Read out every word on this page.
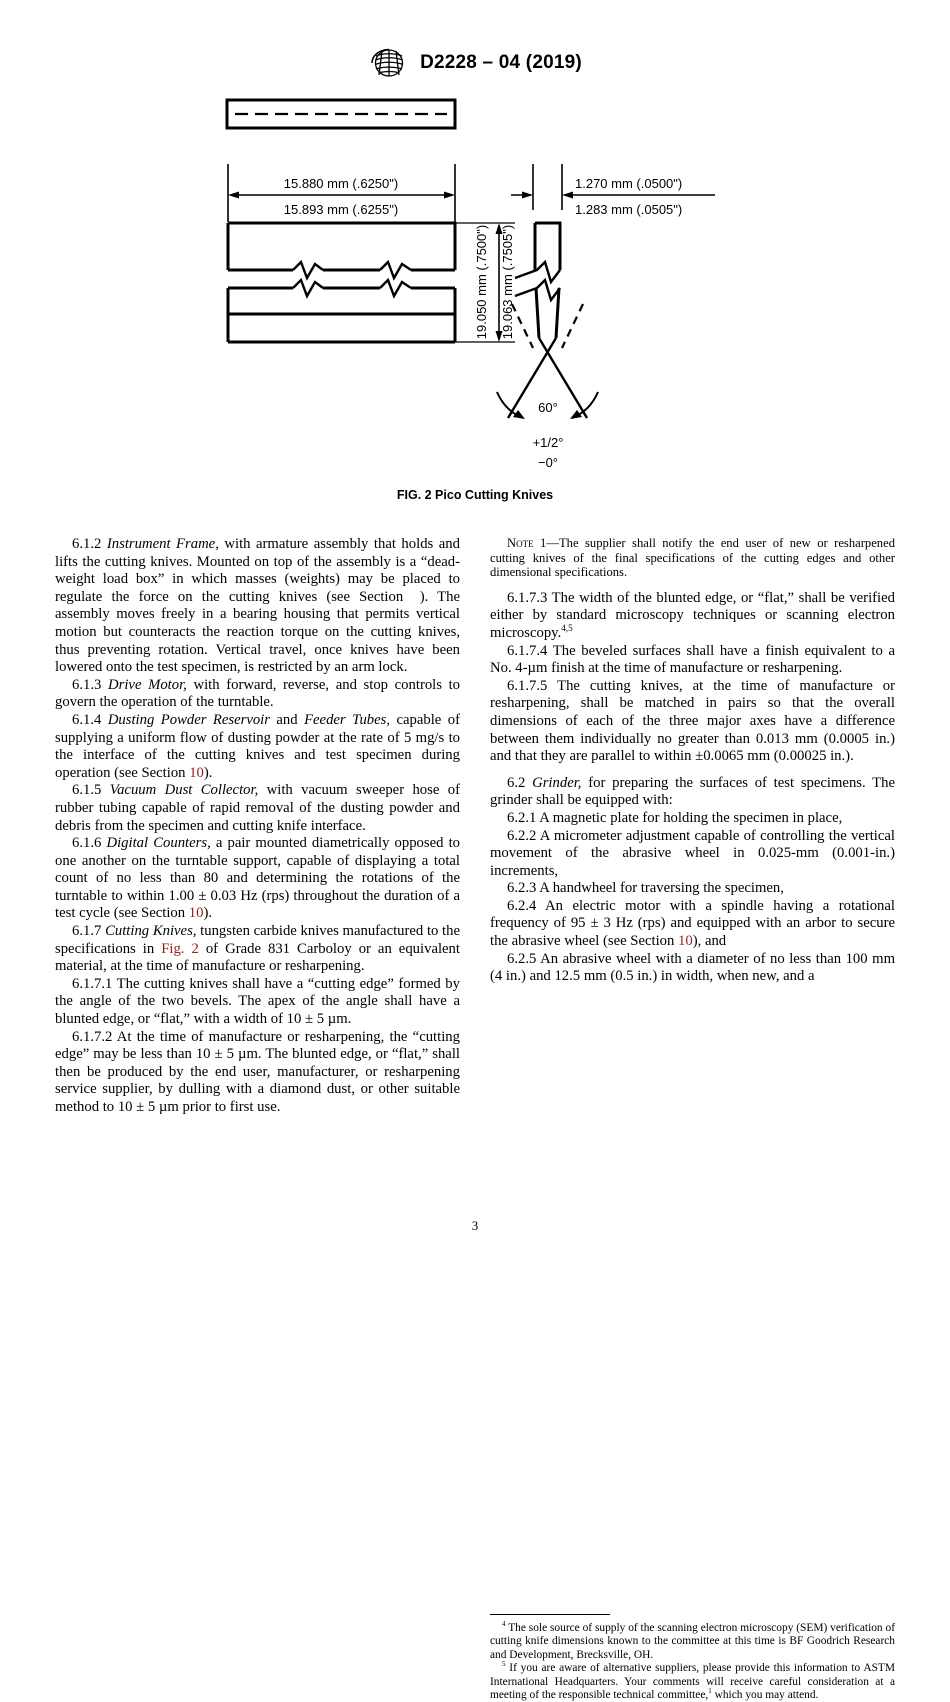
D2228 – 04 (2019)
15.880 mm (.6250")
15.893 mm (.6255")
19.050 mm (.7500") 19.063 mm (.7505")
1.270 mm (.0500")
1.283 mm (.0505")
60°
+1/2°
−0°
FIG. 2 Pico Cutting Knives

6.1.2 Instrument Frame, with armature assembly that holds and lifts the cutting knives. Mounted on top of the assembly is a “dead-weight load box” in which masses (weights) may be placed to regulate the force on the cutting knives (see Section 9). The assembly moves freely in a bearing housing that permits vertical motion but counteracts the reaction torque on the cutting knives, thus preventing rotation. Vertical travel, once knives have been lowered onto the test specimen, is restricted by an arm lock.

6.1.3 Drive Motor, with forward, reverse, and stop controls to govern the operation of the turntable.

6.1.4 Dusting Powder Reservoir and Feeder Tubes, capable of supplying a uniform flow of dusting powder at the rate of 5 mg/s to the interface of the cutting knives and test specimen during operation (see Section 10).

6.1.5 Vacuum Dust Collector, with vacuum sweeper hose of rubber tubing capable of rapid removal of the dusting powder and debris from the specimen and cutting knife interface.

6.1.6 Digital Counters, a pair mounted diametrically opposed to one another on the turntable support, capable of displaying a total count of no less than 80 and determining the rotations of the turntable to within 1.00 ± 0.03 Hz (rps) throughout the duration of a test cycle (see Section 10).

6.1.7 Cutting Knives, tungsten carbide knives manufactured to the specifications in Fig. 2 of Grade 831 Carboloy or an equivalent material, at the time of manufacture or resharpening.

6.1.7.1 The cutting knives shall have a “cutting edge” formed by the angle of the two bevels. The apex of the angle shall have a blunted edge, or “flat,” with a width of 10 ± 5 µm.

6.1.7.2 At the time of manufacture or resharpening, the “cutting edge” may be less than 10 ± 5 µm. The blunted edge, or “flat,” shall then be produced by the end user, manufacturer, or resharpening service supplier, by dulling with a diamond dust, or other suitable method to 10 ± 5 µm prior to first use.

Note 1—The supplier shall notify the end user of new or resharpened cutting knives of the final specifications of the cutting edges and other dimensional specifications.

6.1.7.3 The width of the blunted edge, or “flat,” shall be verified either by standard microscopy techniques or scanning electron microscopy.$^{4,5}$

6.1.7.4 The beveled surfaces shall have a finish equivalent to a No. 4-µm finish at the time of manufacture or resharpening.

6.1.7.5 The cutting knives, at the time of manufacture or resharpening, shall be matched in pairs so that the overall dimensions of each of the three major axes have a difference between them individually no greater than 0.013 mm (0.0005 in.) and that they are parallel to within ±0.0065 mm (0.00025 in.).

6.2 Grinder, for preparing the surfaces of test specimens. The grinder shall be equipped with:

6.2.1 A magnetic plate for holding the specimen in place,

6.2.2 A micrometer adjustment capable of controlling the vertical movement of the abrasive wheel in 0.025-mm (0.001-in.) increments,

6.2.3 A handwheel for traversing the specimen,

6.2.4 An electric motor with a spindle having a rotational frequency of 95 ± 3 Hz (rps) and equipped with an arbor to secure the abrasive wheel (see Section 10), and

6.2.5 An abrasive wheel with a diameter of no less than 100 mm (4 in.) and 12.5 mm (0.5 in.) in width, when new, and a

$^4$ The sole source of supply of the scanning electron microscopy (SEM) verification of cutting knife dimensions known to the committee at this time is BF Goodrich Research and Development, Brecksville, OH.

$^5$ If you are aware of alternative suppliers, please provide this information to ASTM International Headquarters. Your comments will receive careful consideration at a meeting of the responsible technical committee,$^1$ which you may attend.

3
